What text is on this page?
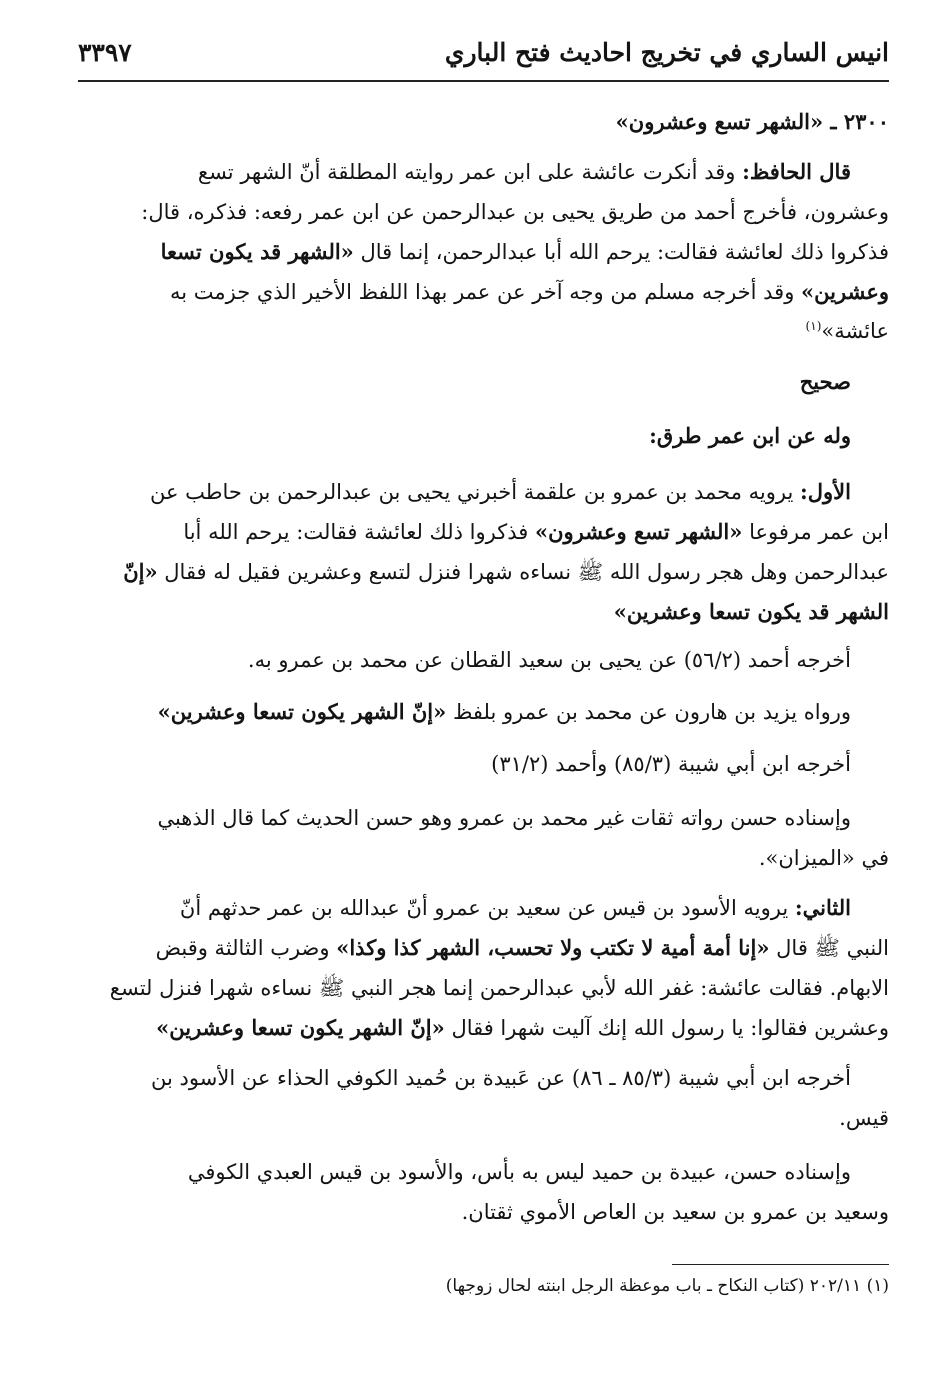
انيس الساري في تخريج احاديث فتح الباري
٣٣٩٧
٢٣٠٠ ـ «الشهر تسع وعشرون»
قال الحافظ: وقد أنكرت عائشة على ابن عمر روايته المطلقة أنّ الشهر تسع
وعشرون، فأخرج أحمد من طريق يحيى بن عبدالرحمن عن ابن عمر رفعه: فذكره، قال:
فذكروا ذلك لعائشة فقالت: يرحم الله أبا عبدالرحمن، إنما قال «الشهر قد يكون تسعا
وعشرين» وقد أخرجه مسلم من وجه آخر عن عمر بهذا اللفظ الأخير الذي جزمت به
عائشة»$^{(١)}$
صحيح
وله عن ابن عمر طرق:
الأول: يرويه محمد بن عمرو بن علقمة أخبرني يحيى بن عبدالرحمن بن حاطب عن
ابن عمر مرفوعا «الشهر تسع وعشرون» فذكروا ذلك لعائشة فقالت: يرحم الله أبا
عبدالرحمن وهل هجر رسول الله ﷺ نساءه شهرا فنزل لتسع وعشرين فقيل له فقال «إنّ
الشهر قد يكون تسعا وعشرين»
أخرجه أحمد (٥٦/٢) عن يحيى بن سعيد القطان عن محمد بن عمرو به.
ورواه يزيد بن هارون عن محمد بن عمرو بلفظ «إنّ الشهر يكون تسعا وعشرين»
أخرجه ابن أبي شيبة (٨٥/٣) وأحمد (٣١/٢)
وإسناده حسن رواته ثقات غير محمد بن عمرو وهو حسن الحديث كما قال الذهبي
في «الميزان».
الثاني: يرويه الأسود بن قيس عن سعيد بن عمرو أنّ عبدالله بن عمر حدثهم أنّ
النبي ﷺ قال «إنا أمة أمية لا تكتب ولا تحسب، الشهر كذا وكذا» وضرب الثالثة وقبض
الابهام. فقالت عائشة: غفر الله لأبي عبدالرحمن إنما هجر النبي ﷺ نساءه شهرا فنزل لتسع
وعشرين فقالوا: يا رسول الله إنك آليت شهرا فقال «إنّ الشهر يكون تسعا وعشرين»
أخرجه ابن أبي شيبة (٨٥/٣ ـ ٨٦) عن عَبيدة بن حُميد الكوفي الحذاء عن الأسود بن
قيس.
وإسناده حسن، عبيدة بن حميد ليس به بأس، والأسود بن قيس العبدي الكوفي
وسعيد بن عمرو بن سعيد بن العاص الأموي ثقتان.
(١) ٢٠٢/١١ (كتاب النكاح ـ باب موعظة الرجل ابنته لحال زوجها)
